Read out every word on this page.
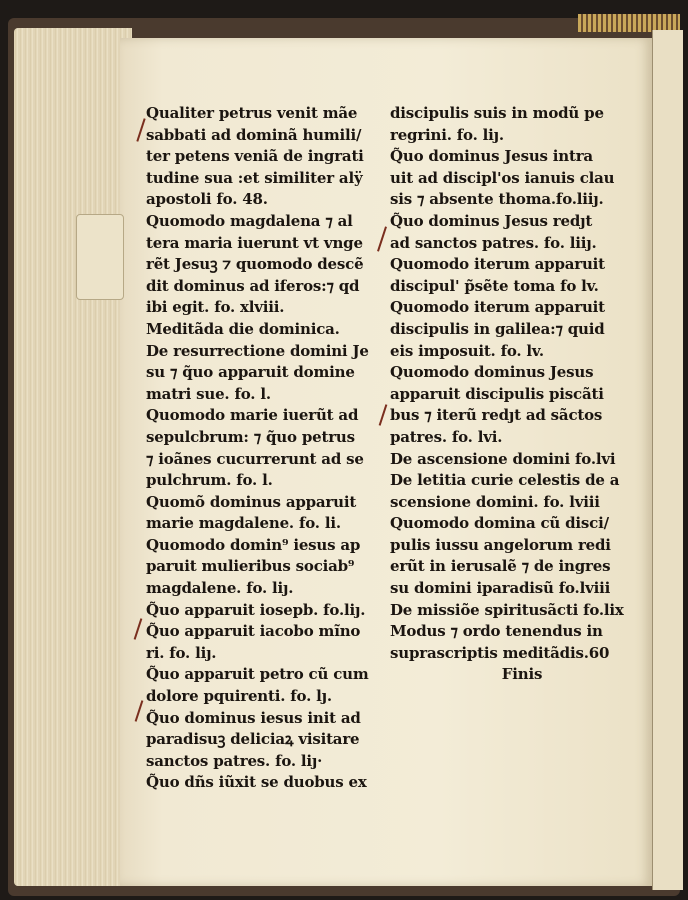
Qualiter petrus venit mãe
sabbati ad dominã humili/
ter petens veniã de ingrati
tudine sua :et similiter alÿ
apostoli fo. 48.
Quomodo magdalena ⁊ al
tera maria iuerunt vt vnge
rẽt Jesuꝫ ⁊ quomodo descẽ
dit dominus ad iferos:⁊ qd
ibi egit. fo. xlviii.
Meditãda die dominica.
De resurrectione domini Je
su ⁊ q̃uo apparuit domine
matri sue. fo. l.
Quomodo marie iuerũt ad
sepulcbrum: ⁊ q̃uo petrus
⁊ ioãnes cucurrerunt ad se
pulchrum. fo. l.
Quomõ dominus apparuit
marie magdalene. fo. li.
Quomodo domin⁹ iesus ap
paruit mulieribus sociab⁹
magdalene. fo. liȷ.
Q̃uo apparuit iosepb. fo.liȷ.
Q̃uo apparuit iacobo mĩno
ri. fo. liȷ.
Q̃uo apparuit petro cũ cum
dolore pquirenti. fo. lȷ.
Q̃uo dominus iesus init ad
paradisuꝫ deliciaꝝ visitare
sanctos patres. fo. liȷ·
Q̃uo dñs iũxit se duobus ex
discipulis suis in modũ pe
regrini. fo. liȷ.
Q̃uo dominus Jesus intra
uit ad discipl'os ianuis clau
sis ⁊ absente thoma.fo.liiȷ.
Q̃uo dominus Jesus redȷt
ad sanctos patres. fo. liiȷ.
Quomodo iterum apparuit
discipul' p̃sẽte toma fo lv.
Quomodo iterum apparuit
discipulis in galilea:⁊ quid
eis imposuit. fo. lv.
Quomodo dominus Jesus
apparuit discipulis piscãti
bus ⁊ iterũ redȷt ad sãctos
patres. fo. lvi.
De ascensione domini fo.lvi
De letitia curie celestis de a
scensione domini. fo. lviii
Quomodo domina cũ disci/
pulis iussu angelorum redi
erũt in ierusalẽ ⁊ de ingres
su domini iparadisũ fo.lviii
De missiõe spiritusãcti fo.lix
Modus ⁊ ordo tenendus in
suprascriptis meditãdis.60
Finis
